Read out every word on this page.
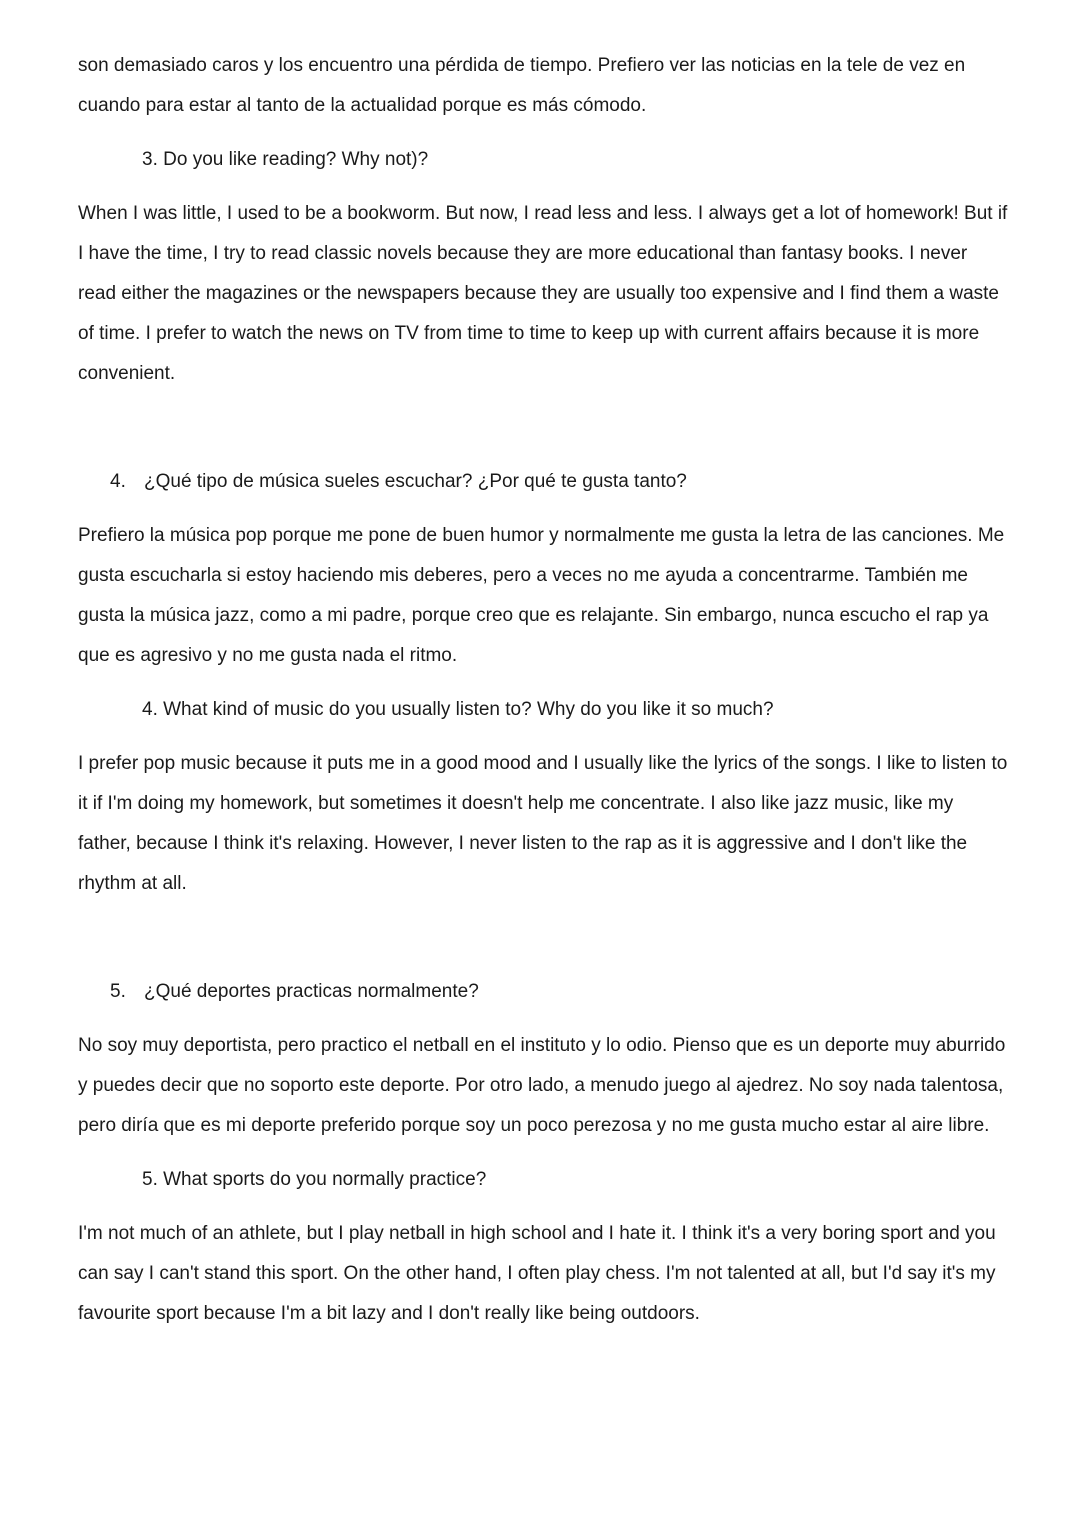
son demasiado caros y los encuentro una pérdida de tiempo. Prefiero ver las noticias en la tele de vez en cuando para estar al tanto de la actualidad porque es más cómodo.

3. Do you like reading? Why not)?

When I was little, I used to be a bookworm. But now, I read less and less. I always get a lot of homework! But if I have the time, I try to read classic novels because they are more educational than fantasy books. I never read either the magazines or the newspapers because they are usually too expensive and I find them a waste of time. I prefer to watch the news on TV from time to time to keep up with current affairs because it is more convenient.

4. ¿Qué tipo de música sueles escuchar? ¿Por qué te gusta tanto?

Prefiero la música pop porque me pone de buen humor y normalmente me gusta la letra de las canciones. Me gusta escucharla si estoy haciendo mis deberes, pero a veces no me ayuda a concentrarme. También me gusta la música jazz, como a mi padre, porque creo que es relajante. Sin embargo, nunca escucho el rap ya que es agresivo y no me gusta nada el ritmo.

4. What kind of music do you usually listen to? Why do you like it so much?

I prefer pop music because it puts me in a good mood and I usually like the lyrics of the songs. I like to listen to it if I'm doing my homework, but sometimes it doesn't help me concentrate. I also like jazz music, like my father, because I think it's relaxing. However, I never listen to the rap as it is aggressive and I don't like the rhythm at all.

5. ¿Qué deportes practicas normalmente?

No soy muy deportista, pero practico el netball en el instituto y lo odio. Pienso que es un deporte muy aburrido y puedes decir que no soporto este deporte. Por otro lado, a menudo juego al ajedrez. No soy nada talentosa, pero diría que es mi deporte preferido porque soy un poco perezosa y no me gusta mucho estar al aire libre.

5. What sports do you normally practice?

I'm not much of an athlete, but I play netball in high school and I hate it. I think it's a very boring sport and you can say I can't stand this sport. On the other hand, I often play chess. I'm not talented at all, but I'd say it's my favourite sport because I'm a bit lazy and I don't really like being outdoors.
